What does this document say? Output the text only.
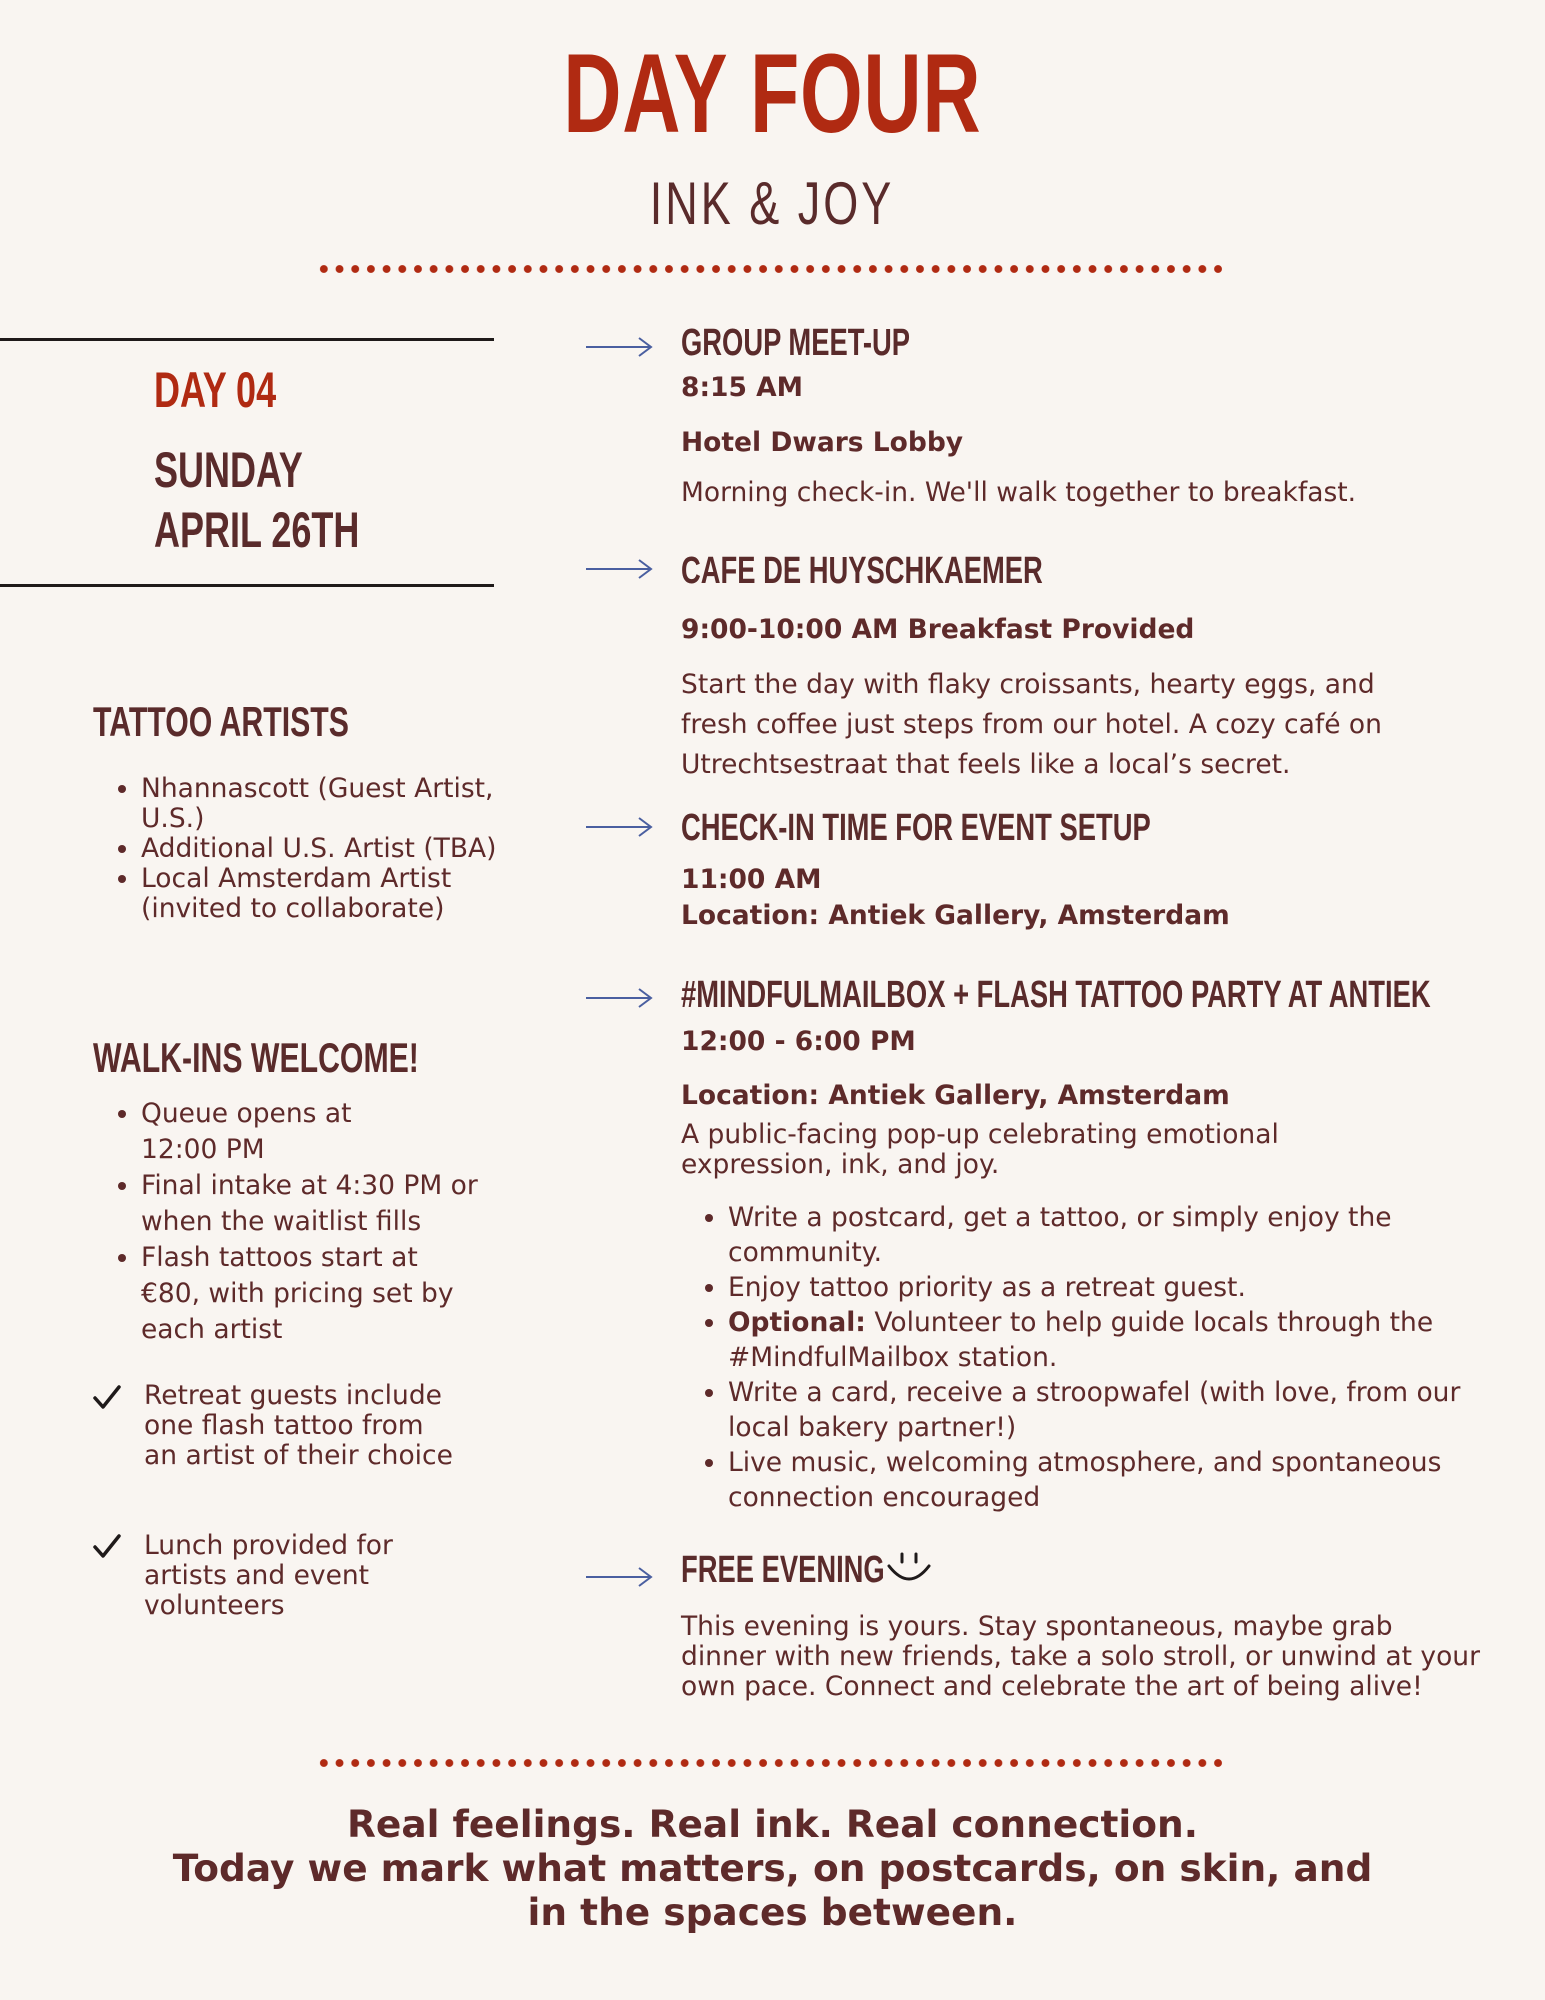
DAY FOUR
INK & JOY
DAY 04
SUNDAY
APRIL 26TH
TATTOO ARTISTS
• Nhannascott (Guest Artist, U.S.)
• Additional U.S. Artist (TBA)
• Local Amsterdam Artist (invited to collaborate)
WALK-INS WELCOME!
• Queue opens at 12:00 PM
• Final intake at 4:30 PM or when the waitlist fills
• Flash tattoos start at €80, with pricing set by each artist
Retreat guests include one flash tattoo from an artist of their choice
Lunch provided for artists and event volunteers
GROUP MEET-UP
8:15 AM
Hotel Dwars Lobby
Morning check-in. We'll walk together to breakfast.
CAFE DE HUYSCHKAEMER
9:00-10:00 AM Breakfast Provided
Start the day with flaky croissants, hearty eggs, and fresh coffee just steps from our hotel. A cozy café on Utrechtsestraat that feels like a local’s secret.
CHECK-IN TIME FOR EVENT SETUP
11:00 AM
Location: Antiek Gallery, Amsterdam
#MINDFULMAILBOX + FLASH TATTOO PARTY AT ANTIEK
12:00 - 6:00 PM
Location: Antiek Gallery, Amsterdam
A public-facing pop-up celebrating emotional expression, ink, and joy.
• Write a postcard, get a tattoo, or simply enjoy the community.
• Enjoy tattoo priority as a retreat guest.
• Optional: Volunteer to help guide locals through the #MindfulMailbox station.
• Write a card, receive a stroopwafel (with love, from our local bakery partner!)
• Live music, welcoming atmosphere, and spontaneous connection encouraged
FREE EVENING
This evening is yours. Stay spontaneous, maybe grab dinner with new friends, take a solo stroll, or unwind at your own pace. Connect and celebrate the art of being alive!
Real feelings. Real ink. Real connection.
Today we mark what matters, on postcards, on skin, and
in the spaces between.
